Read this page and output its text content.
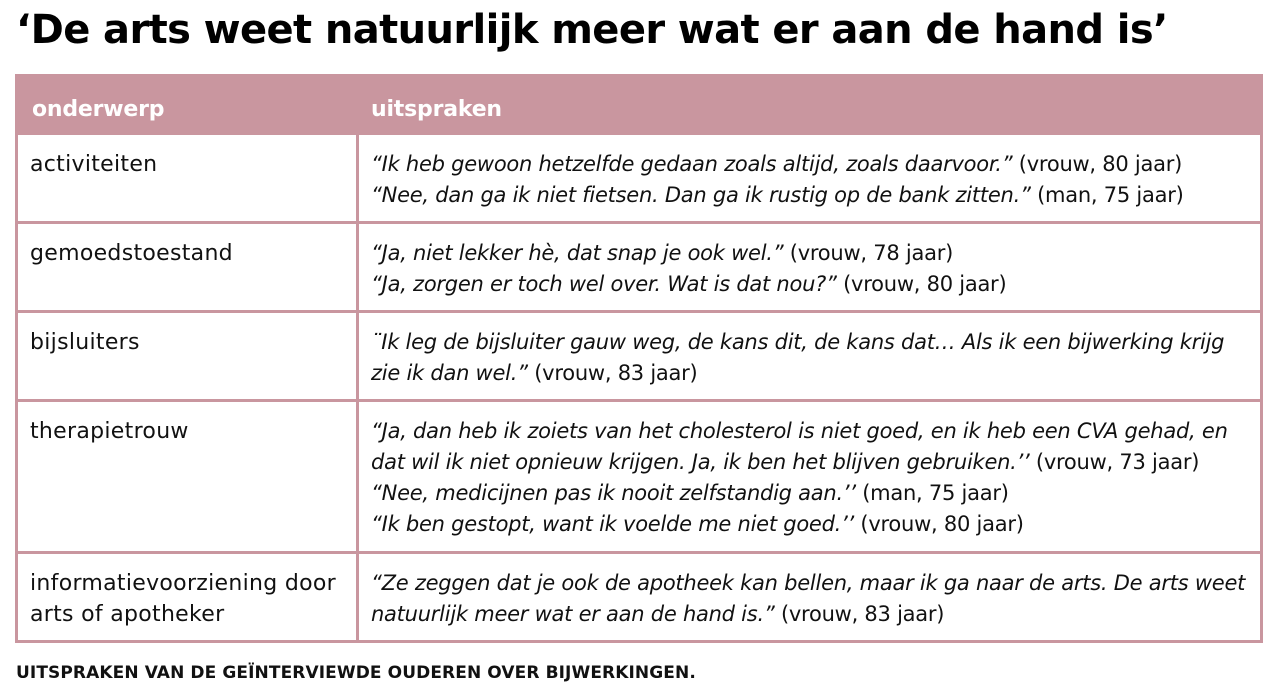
‘De arts weet natuurlijk meer wat er aan de hand is’
onderwerp	uitspraken
activiteiten	“Ik heb gewoon hetzelfde gedaan zoals altijd, zoals daarvoor.” (vrouw, 80 jaar)
“Nee, dan ga ik niet fietsen. Dan ga ik rustig op de bank zitten.” (man, 75 jaar)

gemoedstoestand	“Ja, niet lekker hè, dat snap je ook wel.” (vrouw, 78 jaar)
“Ja, zorgen er toch wel over. Wat is dat nou?” (vrouw, 80 jaar)

bijsluiters	¨Ik leg de bijsluiter gauw weg, de kans dit, de kans dat… Als ik een bijwerking krijg zie ik dan wel.” (vrouw, 83 jaar)

therapietrouw	“Ja, dan heb ik zoiets van het cholesterol is niet goed, en ik heb een CVA gehad, en dat wil ik niet opnieuw krijgen. Ja, ik ben het blijven gebruiken.’’ (vrouw, 73 jaar)
“Nee, medicijnen pas ik nooit zelfstandig aan.’’ (man, 75 jaar)
“Ik ben gestopt, want ik voelde me niet goed.’’ (vrouw, 80 jaar)

informatievoorziening door arts of apotheker	“Ze zeggen dat je ook de apotheek kan bellen, maar ik ga naar de arts. De arts weet natuurlijk meer wat er aan de hand is.” (vrouw, 83 jaar)

UITSPRAKEN VAN DE GEÏNTERVIEWDE OUDEREN OVER BIJWERKINGEN.
